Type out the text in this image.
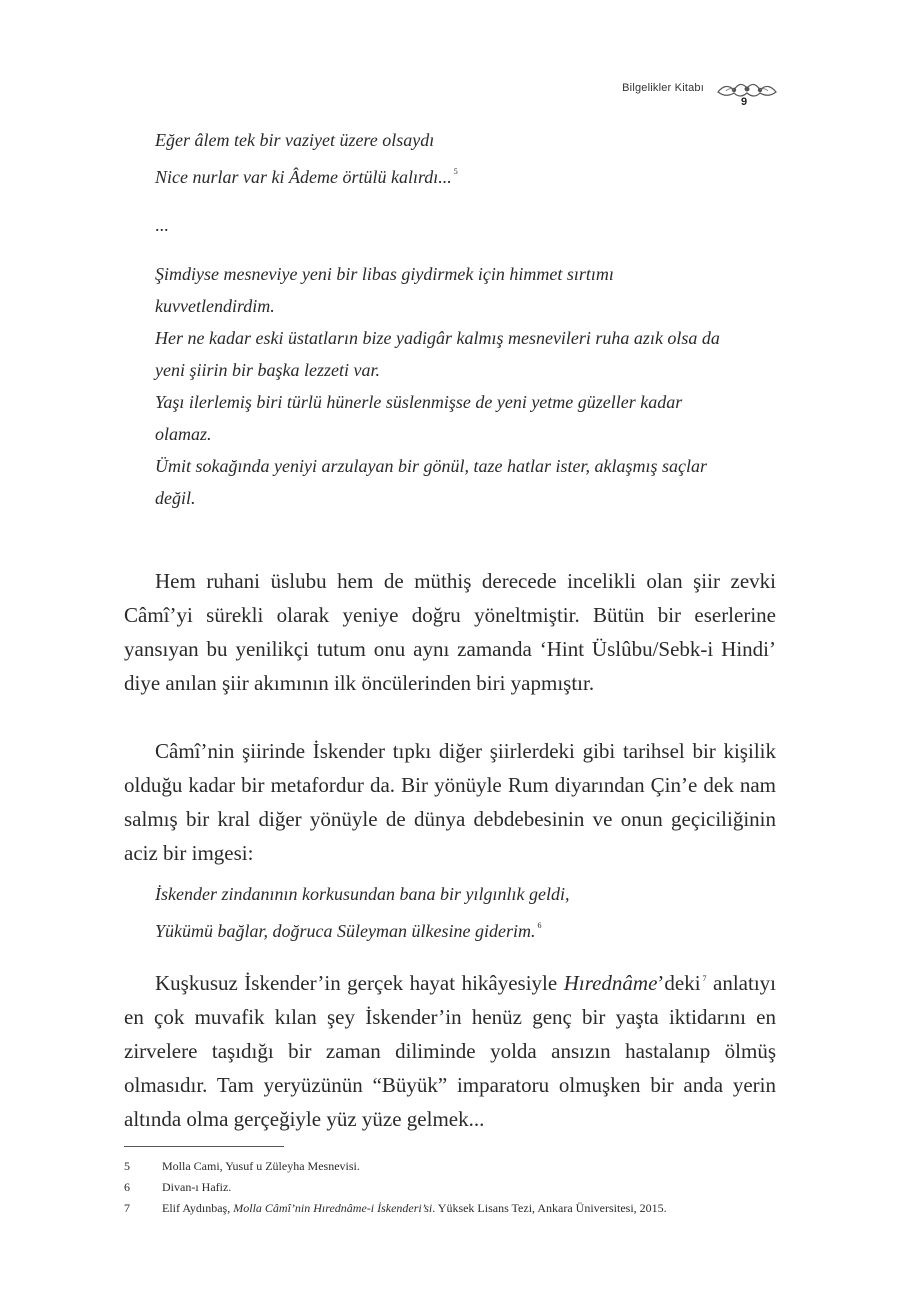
Bilgelikler Kitabı
9
Eğer âlem tek bir vaziyet üzere olsaydı
Nice nurlar var ki Âdeme örtülü kalırdı... $^5$
...
Şimdiyse mesneviye yeni bir libas giydirmek için himmet sırtımı
kuvvetlendirdim.
Her ne kadar eski üstatların bize yadigâr kalmış mesnevileri ruha azık olsa da
yeni şiirin bir başka lezzeti var.
Yaşı ilerlemiş biri türlü hünerle süslenmişse de yeni yetme güzeller kadar
olamaz.
Ümit sokağında yeniyi arzulayan bir gönül, taze hatlar ister, aklaşmış saçlar
değil.

Hem ruhani üslubu hem de müthiş derecede incelikli olan şiir zevki Câmî’yi sürekli olarak yeniye doğru yöneltmiştir. Bütün bir eserlerine yansıyan bu yenilikçi tutum onu aynı zamanda ‘Hint Üslûbu/Sebk-i Hindi’ diye anılan şiir akımının ilk öncülerinden biri yapmıştır.

Câmî’nin şiirinde İskender tıpkı diğer şiirlerdeki gibi tarihsel bir kişilik olduğu kadar bir metafordur da. Bir yönüyle Rum diyarından Çin’e dek nam salmış bir kral diğer yönüyle de dünya debdebesinin ve onun geçiciliğinin aciz bir imgesi:

İskender zindanının korkusundan bana bir yılgınlık geldi,
Yükümü bağlar, doğruca Süleyman ülkesine giderim. $^6$

Kuşkusuz İskender’in gerçek hayat hikâyesiyle Hırednâme’deki $^7$ anlatıyı en çok muvafik kılan şey İskender’in henüz genç bir yaşta iktidarını en zirvelere taşıdığı bir zaman diliminde yolda ansızın hastalanıp ölmüş olmasıdır. Tam yeryüzünün “Büyük” imparatoru olmuşken bir anda yerin altında olma gerçeğiyle yüz yüze gelmek...

5	Molla Cami, Yusuf u Züleyha Mesnevisi.
6	Divan-ı Hafiz.
7	Elif Aydınbaş, Molla Câmî’nin Hırednâme-i İskenderi’si. Yüksek Lisans Tezi, Ankara Üniversitesi, 2015.
